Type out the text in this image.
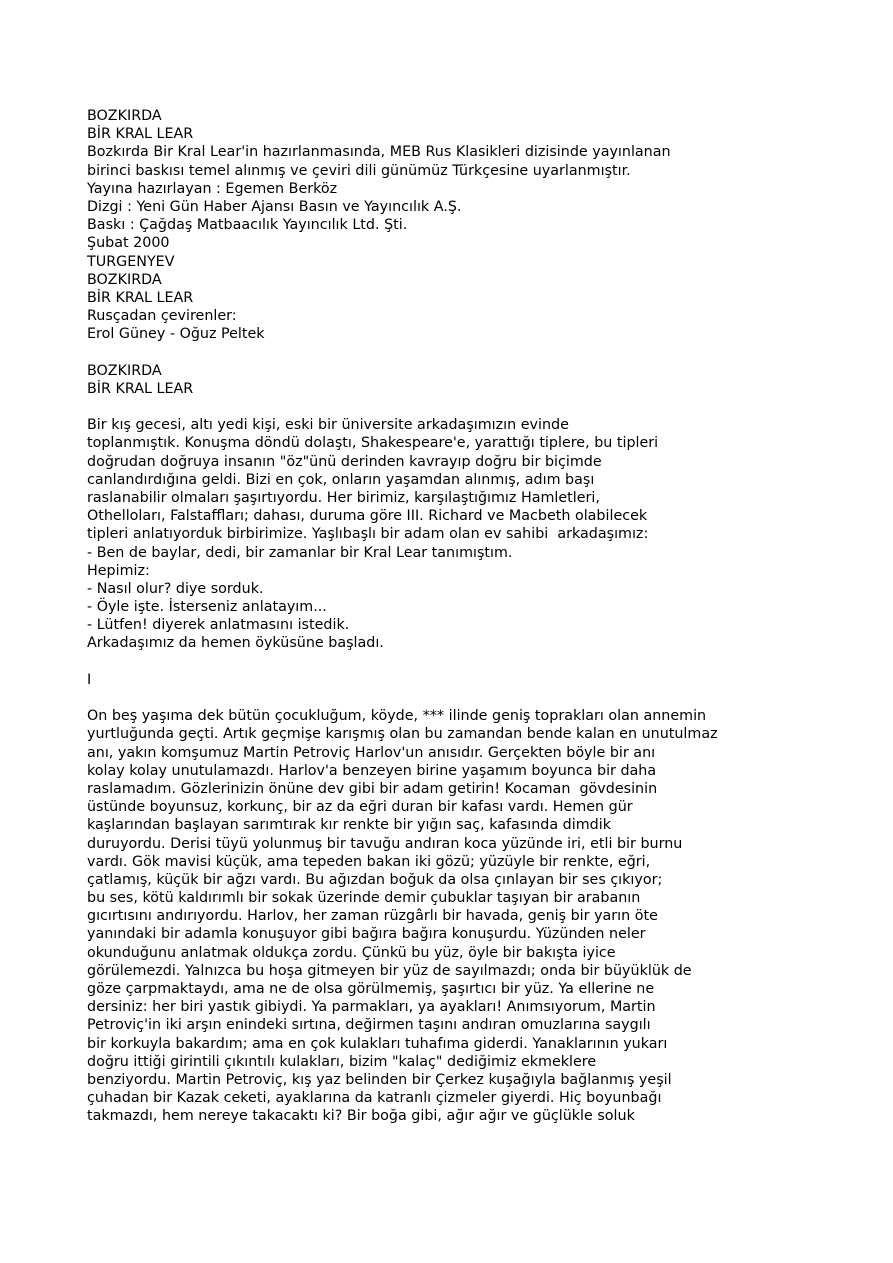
BOZKIRDA
BİR KRAL LEAR
Bozkırda Bir Kral Lear'in hazırlanmasında, MEB Rus Klasikleri dizisinde yayınlanan
birinci baskısı temel alınmış ve çeviri dili günümüz Türkçesine uyarlanmıştır.
Yayına hazırlayan : Egemen Berköz
Dizgi : Yeni Gün Haber Ajansı Basın ve Yayıncılık A.Ş.
Baskı : Çağdaş Matbaacılık Yayıncılık Ltd. Şti.
Şubat 2000
TURGENYEV
BOZKIRDA
BİR KRAL LEAR
Rusçadan çevirenler:
Erol Güney - Oğuz Peltek
BOZKIRDA
BİR KRAL LEAR
Bir kış gecesi, altı yedi kişi, eski bir üniversite arkadaşımızın evinde
toplanmıştık. Konuşma döndü dolaştı, Shakespeare'e, yarattığı tiplere, bu tipleri
doğrudan doğruya insanın "öz"ünü derinden kavrayıp doğru bir biçimde
canlandırdığına geldi. Bizi en çok, onların yaşamdan alınmış, adım başı
raslanabilir olmaları şaşırtıyordu. Her birimiz, karşılaştığımız Hamletleri,
Othelloları, Falstaffları; dahası, duruma göre III. Richard ve Macbeth olabilecek
tipleri anlatıyorduk birbirimize. Yaşlıbaşlı bir adam olan ev sahibi  arkadaşımız:
- Ben de baylar, dedi, bir zamanlar bir Kral Lear tanımıştım.
Hepimiz:
- Nasıl olur? diye sorduk.
- Öyle işte. İsterseniz anlatayım...
- Lütfen! diyerek anlatmasını istedik.
Arkadaşımız da hemen öyküsüne başladı.
I
On beş yaşıma dek bütün çocukluğum, köyde, *** ilinde geniş toprakları olan annemin
yurtluğunda geçti. Artık geçmişe karışmış olan bu zamandan bende kalan en unutulmaz
anı, yakın komşumuz Martin Petroviç Harlov'un anısıdır. Gerçekten böyle bir anı
kolay kolay unutulamazdı. Harlov'a benzeyen birine yaşamım boyunca bir daha
raslamadım. Gözlerinizin önüne dev gibi bir adam getirin! Kocaman  gövdesinin
üstünde boyunsuz, korkunç, bir az da eğri duran bir kafası vardı. Hemen gür
kaşlarından başlayan sarımtırak kır renkte bir yığın saç, kafasında dimdik
duruyordu. Derisi tüyü yolunmuş bir tavuğu andıran koca yüzünde iri, etli bir burnu
vardı. Gök mavisi küçük, ama tepeden bakan iki gözü; yüzüyle bir renkte, eğri,
çatlamış, küçük bir ağzı vardı. Bu ağızdan boğuk da olsa çınlayan bir ses çıkıyor;
bu ses, kötü kaldırımlı bir sokak üzerinde demir çubuklar taşıyan bir arabanın
gıcırtısını andırıyordu. Harlov, her zaman rüzgârlı bir havada, geniş bir yarın öte
yanındaki bir adamla konuşuyor gibi bağıra bağıra konuşurdu. Yüzünden neler
okunduğunu anlatmak oldukça zordu. Çünkü bu yüz, öyle bir bakışta iyice
görülemezdi. Yalnızca bu hoşa gitmeyen bir yüz de sayılmazdı; onda bir büyüklük de
göze çarpmaktaydı, ama ne de olsa görülmemiş, şaşırtıcı bir yüz. Ya ellerine ne
dersiniz: her biri yastık gibiydi. Ya parmakları, ya ayakları! Anımsıyorum, Martin
Petroviç'in iki arşın enindeki sırtına, değirmen taşını andıran omuzlarına saygılı
bir korkuyla bakardım; ama en çok kulakları tuhafıma giderdi. Yanaklarının yukarı
doğru ittiği girintili çıkıntılı kulakları, bizim "kalaç" dediğimiz ekmeklere
benziyordu. Martin Petroviç, kış yaz belinden bir Çerkez kuşağıyla bağlanmış yeşil
çuhadan bir Kazak ceketi, ayaklarına da katranlı çizmeler giyerdi. Hiç boyunbağı
takmazdı, hem nereye takacaktı ki? Bir boğa gibi, ağır ağır ve güçlükle soluk
